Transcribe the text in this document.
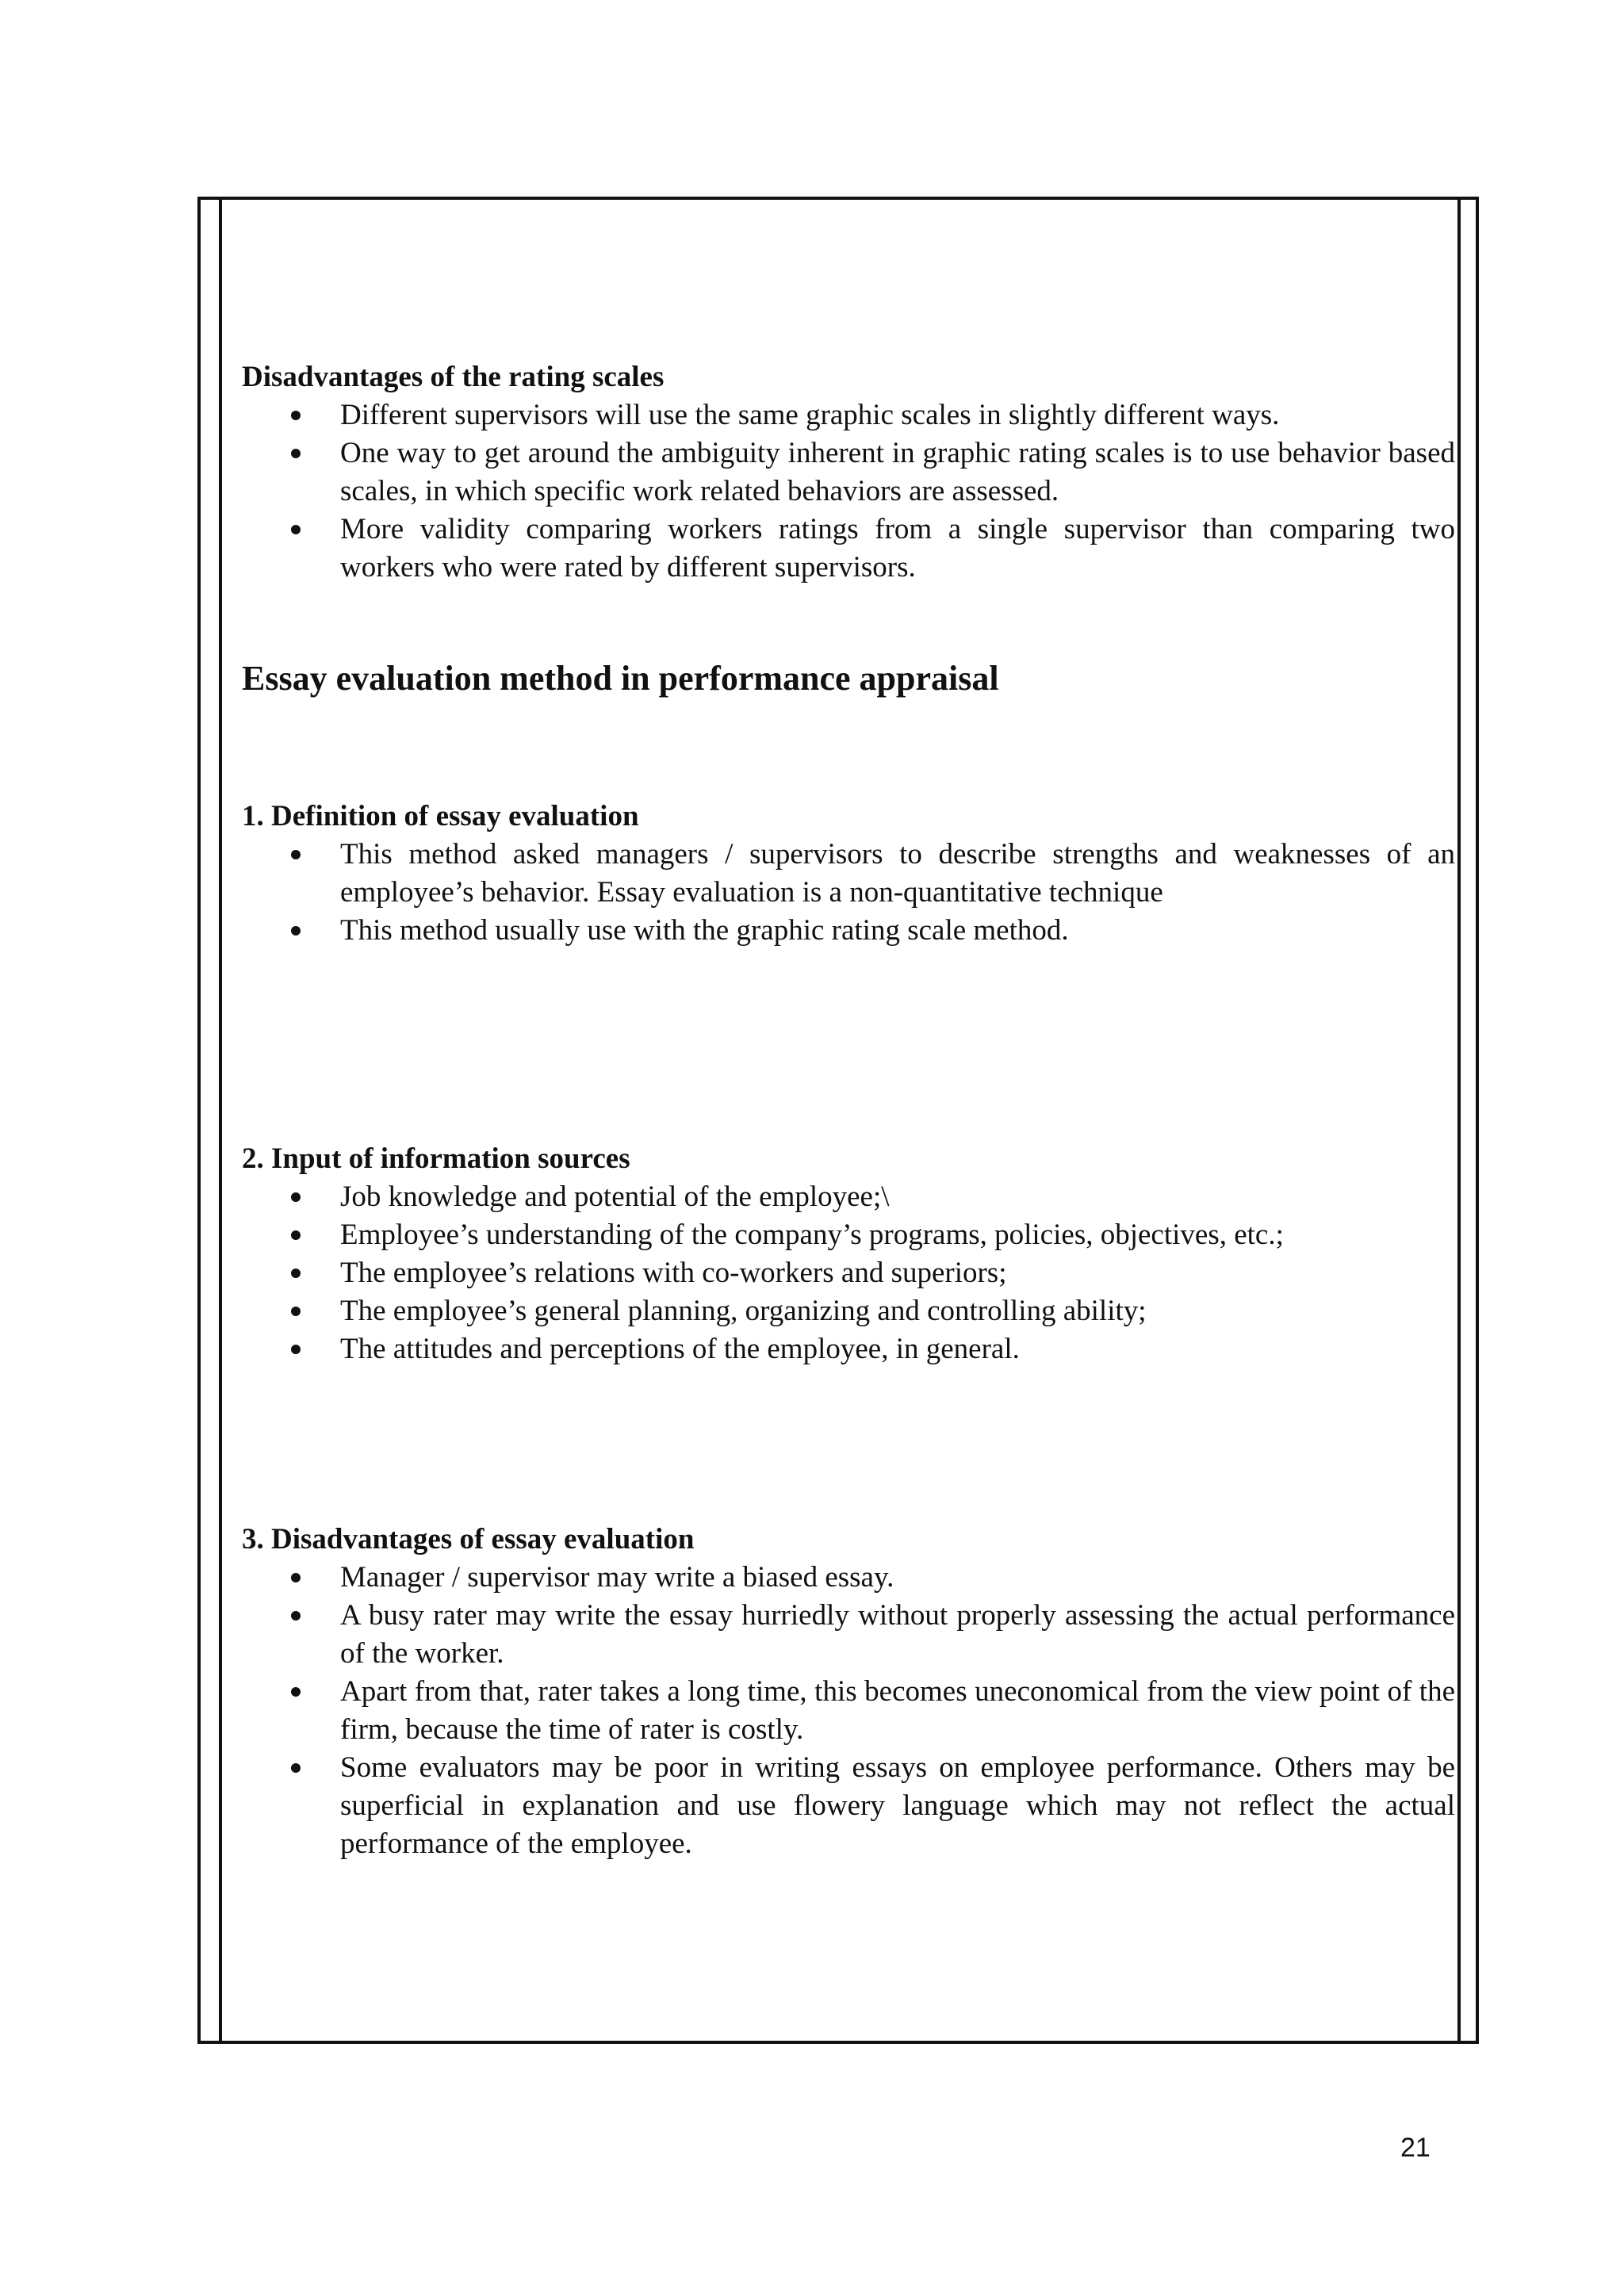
Disadvantages of the rating scales

Different supervisors will use the same graphic scales in slightly different ways.
One way to get around the ambiguity inherent in graphic rating scales is to use behavior based scales, in which specific work related behaviors are assessed.
More validity comparing workers ratings from a single supervisor than comparing two workers who were rated by different supervisors.

Essay evaluation method in performance appraisal

1. Definition of essay evaluation

This method asked managers / supervisors to describe strengths and weaknesses of an employee’s behavior. Essay evaluation is a non-quantitative technique
This method usually use with the graphic rating scale method.

2. Input of information sources

Job knowledge and potential of the employee;\
Employee’s understanding of the company’s programs, policies, objectives, etc.;
The employee’s relations with co-workers and superiors;
The employee’s general planning, organizing and controlling ability;
The attitudes and perceptions of the employee, in general.

3. Disadvantages of essay evaluation

Manager / supervisor may write a biased essay.
A busy rater may write the essay hurriedly without properly assessing the actual performance of the worker.
Apart from that, rater takes a long time, this becomes uneconomical from the view point of the firm, because the time of rater is costly.
Some evaluators may be poor in writing essays on employee performance. Others may be superficial in explanation and use flowery language which may not reflect the actual performance of the employee.
21
